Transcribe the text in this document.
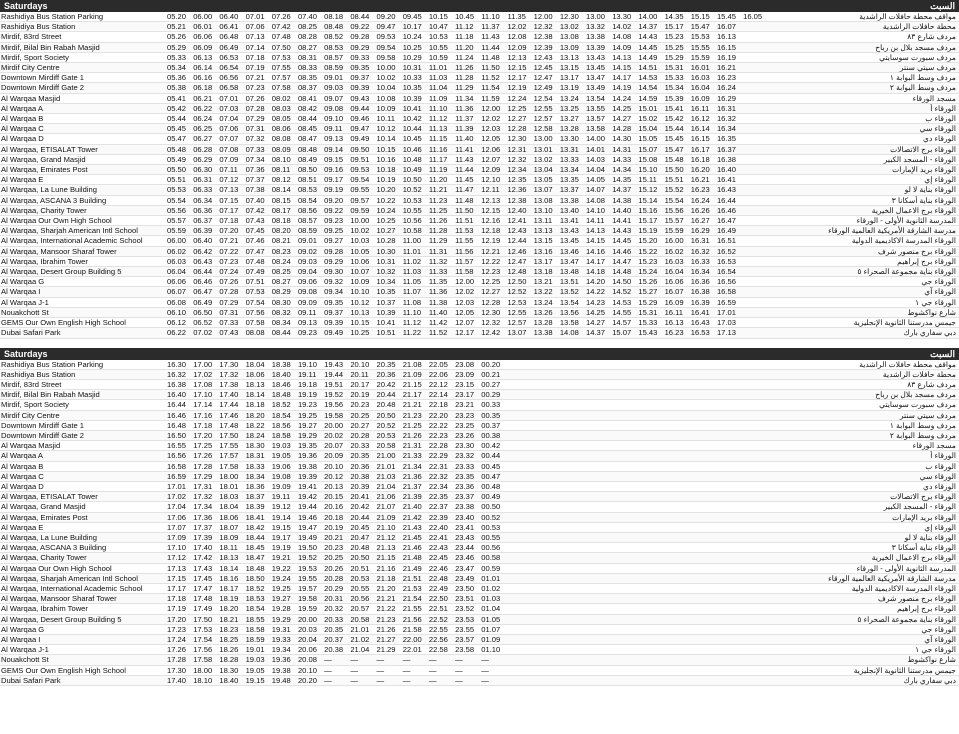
Saturdays	السبت
Rashidiya Bus Station Parking	05.20 06.00 06.40 07.01 07.26 07.40 08.18 08.44 09.20 09.45 10.15 10.45 11.10	11.35	12.00 12.30 13.00 13.30 14.00 14.35 15.15 15.45 16.05	مواقف محطة حافلات الراشدية
Rashidiya Bus Station	05.21 06.01 06.41 07.06 07.42 08.25 08.48 09.22 09.47 10.17 10.47 11.12	11.37	12.02 12.32 13.02 13.32 14.02 14.37 15.17 15.47 16.07	محطة حافلات الراشدية
Mirdif, 83rd Street	05.26 06.06 06.48 07.13 07.48 08.28 08.52 09.28 09.53 10.24 10.53 11.18	11.43	12.08 12.38 13.08 13.38 14.08 14.43 15.23 15.53 16.13	مردف شارع ٨٣
Mirdif, Bilal Bin Rabah Masjid	05.29 06.09 06.49 07.14 07.50 08.27 08.53 09.29 09.54 10.25 10.55 11.20	11.44	12.09 12.39 13.09 13.39 14.09 14.45 15.25 15.55 16.15	مردف مسجد بلال بن رباح
Mirdif, Sport Society	05.33 06.13 06.53 07.18 07.53 08.31 08.57 09.33 09.58 10.29 10.59 11.24	11.48	12.13 12.43 13.13 13.43 14.13 14.49 15.29 15.59 16.19	مردف سبورت سوسايتي
Mirdif City Centre	05.34 06.14 06.54 07.19 07.55 08.33 08.59 09.35 10.00 10.31 11.01	11.26	11.50	12.15 12.45 13.15 13.45 14.15 14.51 15.31 16.01 16.21	مردف سيتي سنتر
Downtown Mirdiff Gate 1	05.36 06.16 06.56 07.21 07.57 08.35 09.01 09.37 10.02 10.33 11.03	11.28	11.52	12.17 12.47 13.17 13.47 14.17 14.53 15.33 16.03 16.23	مردف وسط البوابة ١
Downtown Mirdiff Gate 2	05.38 06.18 06.58 07.23 07.58 08.37 09.03 09.39 10.04 10.35 11.04	11.29	11.54	12.19 12.49 13.19 13.49 14.19 14.54 15.34 16.04 16.24	مردف وسط البوابة ٢
Al Warqaa Masjid	05.41 06.21 07.01 07.26 08.02 08.41 09.07 09.43 10.08 10.39 11.09	11.34	11.59	12.24 12.54 13.24 13.54 14.24 14.59 15.39 16.09 16.29	مسجد الورقاء
Al Warqaa A	05.42 06.22 07.03 07.28 08.03 08.42 09.08 09.44 10.09 10.41 11.10	11.36	12.00 12.25 12.55 13.25 13.55 14.25 15.01 15.41 16.11	16.31	الورقاء أ
Al Warqaa B	05.44 06.24 07.04 07.29 08.05 08.44 09.10 09.46 10.11	10.42 11.12	11.37	12.02 12.27 12.57 13.27 13.57 14.27 15.02 15.42 16.12 16.32	الورقاء ب
Al Warqaa C	05.45 06.25 07.06 07.31 08.06 08.45 09.11	09.47 10.12 10.44 11.13	11.39	12.03 12.28 12.58 13.28 13.58 14.28 15.04 15.44 16.14 16.34	الورقاء سي
Al Warqaa D	05.47 06.27 07.07 07.32 08.08 08.47 09.13 09.49 10.14 10.45 11.15	11.40	12.05 12.30 13.00 13.30 14.00 14.30 15.05 15.45 16.15 16.35	الورقاء دي
Al Warqaa, ETISALAT Tower	05.48 06.28 07.08 07.33 08.09 08.48 09.14 09.50 10.15 10.46 11.16	11.41	12.06 12.31 13.01 13.31 14.01 14.31 15.07 15.47 16.17 16.37	الورقاء برج الاتصالات
Al Warqaa, Grand Masjid	05.49 06.29 07.09 07.34 08.10 08.49 09.15 09.51 10.16 10.48 11.17	11.43	12.07 12.32 13.02 13.33 14.03 14.33 15.08 15.48 16.18 16.38	الورقاء - المسجد الكبير
Al Warqaa, Emirates Post	05.50 06.30 07.11	07.36 08.11	08.50 09.16 09.53 10.18 10.49 11.19	11.44	12.09 12.34 13.04 13.34 14.04 14.34 15.10 15.50 16.20 16.40	الورقاء بريد الإمارات
Al Warqaa E	05.51 06.31 07.12 07.37 08.12 08.51 09.17 09.54 10.19 10.50 11.20	11.45	12.10 12.35 13.05 13.35 14.05 14.35 15.11	15.51 16.21 16.41	الورقاء إي
Al Warqaa, La Lune Building	05.53 06.33 07.13 07.38 08.14 08.53 09.19 09.55 10.20 10.52 11.21	11.47	12.11	12.36 13.07 13.37 14.07 14.37 15.12 15.52 16.23 16.43	الورقاء بناية لا لو
Al Warqaa, ASCANA 3 Building	05.54 06.34 07.15 07.40 08.15 08.54 09.20 09.57 10.22 10.53 11.23	11.48	12.13 12.38 13.08 13.38 14.08 14.38 15.14 15.54 16.24 16.44	الورقاء بناية أسكانا ٣
Al Warqaa, Charity Tower	05.56 06.36 07.17 07.42 08.17 08.56 09.22 09.59 10.24 10.55 11.25	11.50	12.15 12.40 13.10 13.40 14.10 14.40 15.16 15.56 16.26 16.46	الورقاء برج الاعمال الخيرية
Al Warqaa Our Own High School	05.57 06.37 07.18 07.43 08.18 08.57 09.23 10.00 10.25 10.56 11.26	11.51	12.16 12.41 13.11	13.41 14.11	14.41 15.17 15.57 16.27 16.47	المدرسة الثانوية الأولى - الورقاء
Al Warqaa, Sharjah American Intl School	05.59 06.39 07.20 07.45 08.20 08.59 09.25 10.02 10.27 10.58 11.28	11.53	12.18 12.43 13.13 13.43 14.13 14.43 15.19 15.59 16.29 16.49	مدرسة الشارقة الأمريكية العالمية الورقاء
Al Warqaa, International Academic School	06.00 06.40 07.21 07.46 08.21 09.01 09.27 10.03 10.28 11.00	11.29	11.55	12.19 12.44 13.15 13.45 14.15 14.45 15.20 16.00 16.31 16.51	الورقاء المدرسة الاكاديمية الدولية
Al Warqaa, Mansoor Sharaf Tower	06.02 06.42 07.22 07.47 08.23 09.02 09.28 10.05 10.30 11.01	11.31	11.56	12.21 12.46 13.16 13.46 14.16 14.46 15.22 16.02 16.32 16.52	الورقاء برج منصور شرف
Al Warqaa, Ibrahim Tower	06.03 06.43 07.23 07.48 08.24 09.03 09.29 10.06 10.31 11.02	11.32	11.57	12.22 12.47 13.17 13.47 14.17 14.47 15.23 16.03 16.33 16.53	الورقاء برج إبراهيم
Al Warqaa, Desert Group Building 5	06.04 06.44 07.24 07.49 08.25 09.04 09.30 10.07 10.32 11.03	11.33	11.58	12.23 12.48 13.18 13.48 14.18 14.48 15.24 16.04 16.34 16.54	الورقاء بناية مجموعة الصحراء ٥
Al Warqaa G	06.06 06.46 07.26 07.51 08.27 09.06 09.32 10.09 10.34 11.05	11.35	12.00 12.25 12.50 13.21 13.51 14.20 14.50 15.26 16.06 16.36 16.56	الورقاء جي
Al Warqaa I	06.07 06.47 07.28 07.53 08.29 09.08 09.34 10.10 10.35 11.07	11.36	12.02 12.27 12.52 13.22 13.52 14.22 14.52 15.27 16.07 16.38 16.58	الورقاء آي
Al Warqaa J-1	06.08 06.49 07.29 07.54 08.30 09.09 09.35 10.12 10.37 11.08	11.38	12.03 12.28 12.53 13.24 13.54 14.23 14.53 15.29 16.09 16.39 16.59	الورقاء جي ١
Nouakchott St	06.10 06.50 07.31 07.56 08.32 09.11	09.37 10.13 10.39 11.10	11.40	12.05 12.30 12.55 13.26 13.56 14.25 14.55 15.31 16.11	16.41 17.01	شارع نواكشوط
GEMS Our Own English High School	06.12 06.52 07.33 07.58 08.34 09.13 09.39 10.15 10.41 11.12	11.42	12.07 12.32 12.57 13.28 13.58 14.27 14.57 15.33 16.13 16.43 17.03	جيمس مدرستنا الثانوية الإنجليزية
Dubai Safari Park	06.22 07.02 07.43 08.08 08.44 09.23 09.49 10.25 10.51 11.22	11.52	12.17 12.42 13.07 13.38 14.08 14.37 15.07 15.43 16.23 16.53 17.13	دبي سفاري بارك
Saturdays	السبت
Rashidiya Bus Station Parking	16.30 17.00 17.30 18.04 18.38 19.10 19.43 20.10 20.35 21.08 22.05 23.08 00.20	مواقف محطة حافلات الراشدية
Rashidiya Bus Station	16.32 17.02 17.32 18.06 18.40 19.11	19.44 20.11	20.36 21.09 22.06 23.09 00.21	محطة حافلات الراشدية
Mirdif, 83rd Street	16.38 17.08 17.38 18.13 18.46 19.18 19.51 20.17 20.42 21.15 22.12 23.15 00.27	مردف شارع ٨٣
Mirdif, Bilal Bin Rabah Masjid	16.40 17.10 17.40 18.14 18.48 19.19 19.52 20.19 20.44 21.17 22.14 23.17 00.29	مردف مسجد بلال بن رباح
Mirdif, Sport Society	16.44 17.14 17.44 18.18 18.52 19.23 19.56 20.23 20.48 21.21 22.18 23.21 00.33	مردف سبورت سوسايتي
Mirdif City Centre	16.46 17.16 17.46 18.20 18.54 19.25 19.58 20.25 20.50 21.23 22.20 23.23 00.35	مردف سيتي سنتر
Downtown Mirdiff Gate 1	16.48 17.18 17.48 18.22 18.56 19.27 20.00 20.27 20.52 21.25 22.22 23.25 00.37	مردف وسط البوابة ١
Downtown Mirdiff Gate 2	16.50 17.20 17.50 18.24 18.58 19.29 20.02 20.28 20.53 21.26 22.23 23.26 00.38	مردف وسط البوابة ٢
Al Warqaa Masjid	16.55 17.25 17.55 18.30 19.03 19.35 20.07 20.33 20.58 21.31 22.28 23.30 00.42	مسجد الورقاء
Al Warqaa A	16.56 17.26 17.57 18.31 19.05 19.36 20.09 20.35 21.00 21.33 22.29 23.32 00.44	الورقاء أ
Al Warqaa B	16.58 17.28 17.58 18.33 19.06 19.38 20.10 20.36 21.01 21.34 22.31 23.33 00.45	الورقاء ب
Al Warqaa C	16.59 17.29 18.00 18.34 19.08 19.39 20.12 20.38 21.03 21.36 22.32 23.35 00.47	الورقاء سي
Al Warqaa D	17.01 17.31 18.01 18.36 19.09 19.41 20.13 20.39 21.04 21.37 22.34 23.36 00.48	الورقاء دي
Al Warqaa, ETISALAT Tower	17.02 17.32 18.03 18.37 19.11	19.42 20.15 20.41 21.06 21.39 22.35 23.37 00.49	الورقاء برج الاتصالات
Al Warqaa, Grand Masjid	17.04 17.34 18.04 18.39 19.12 19.44 20.16 20.42 21.07 21.40 22.37 23.38 00.50	الورقاء - المسجد الكبير
Al Warqaa, Emirates Post	17.06 17.36 18.06 18.41 19.14 19.46 20.18 20.44 21.09 21.42 22.39 23.40 00.52	الورقاء بريد الإمارات
Al Warqaa E	17.07 17.37 18.07 18.42 19.15 19.47 20.19 20.45 21.10 21.43 22.40 23.41 00.53	الورقاء إي
Al Warqaa, La Lune Building	17.09 17.39 18.09 18.44 19.17 19.49 20.21 20.47 21.12 21.45 22.41 23.43 00.55	الورقاء بناية لا لو
Al Warqaa, ASCANA 3 Building	17.10 17.40 18.11	18.45 19.19 19.50 20.23 20.48 21.13 21.46 22.43 23.44 00.56	الورقاء بناية أسكانا ٣
Al Warqaa, Charity Tower	17.12 17.42 18.13 18.47 19.21 19.52 20.25 20.50 21.15 21.48 22.45 23.46 00.58	الورقاء برج الاعمال الخيرية
Al Warqaa Our Own High School	17.13 17.43 18.14 18.48 19.22 19.53 20.26 20.51 21.16 21.49 22.46 23.47 00.59	المدرسة الثانوية الأولى - الورقاء
Al Warqaa, Sharjah American Intl School	17.15 17.45 18.16 18.50 19.24 19.55 20.28 20.53 21.18 21.51 22.48 23.49 01.01	مدرسة الشارقة الأمريكية العالمية الورقاء
Al Warqaa, International Academic School	17.17 17.47 18.17 18.52 19.25 19.57 20.29 20.55 21.20 21.53 22.49 23.50 01.02	الورقاء المدرسة الاكاديمية الدولية
Al Warqaa, Mansoor Sharaf Tower	17.18 17.48 18.19 18.53 19.27 19.58 20.31 20.56 21.21 21.54 22.50 23.51 01.03	الورقاء برج منصور شرف
Al Warqaa, Ibrahim Tower	17.19 17.49 18.20 18.54 19.28 19.59 20.32 20.57 21.22 21.55 22.51 23.52 01.04	الورقاء برج إبراهيم
Al Warqaa, Desert Group Building 5	17.20 17.50 18.21 18.55 19.29 20.00 20.33 20.58 21.23 21.56 22.52 23.53 01.05	الورقاء بناية مجموعة الصحراء ٥
Al Warqaa G	17.23 17.53 18.23 18.58 19.31 20.03 20.35 21.01 21.26 21.58 22.55 23.55 01.07	الورقاء جي
Al Warqaa I	17.24 17.54 18.25 18.59 19.33 20.04 20.37 21.02 21.27 22.00 22.56 23.57 01.09	الورقاء آي
Al Warqaa J-1	17.26 17.56 18.26 19.01 19.34 20.06 20.38 21.04 21.29 22.01 22.58 23.58 01.10	الورقاء جي ١
Nouakchott St	17.28 17.58 18.28 19.03 19.36 20.08 —	—	—	—	—	—	—	شارع نواكشوط
GEMS Our Own English High School	17.30 18.00 18.30 19.05 19.38 20.10 —	—	—	—	—	—	—	جيمس مدرستنا الثانوية الإنجليزية
Dubai Safari Park	17.40 18.10 18.40 19.15 19.48 20.20 —	—	—	—	—	—	—	دبي سفاري بارك
